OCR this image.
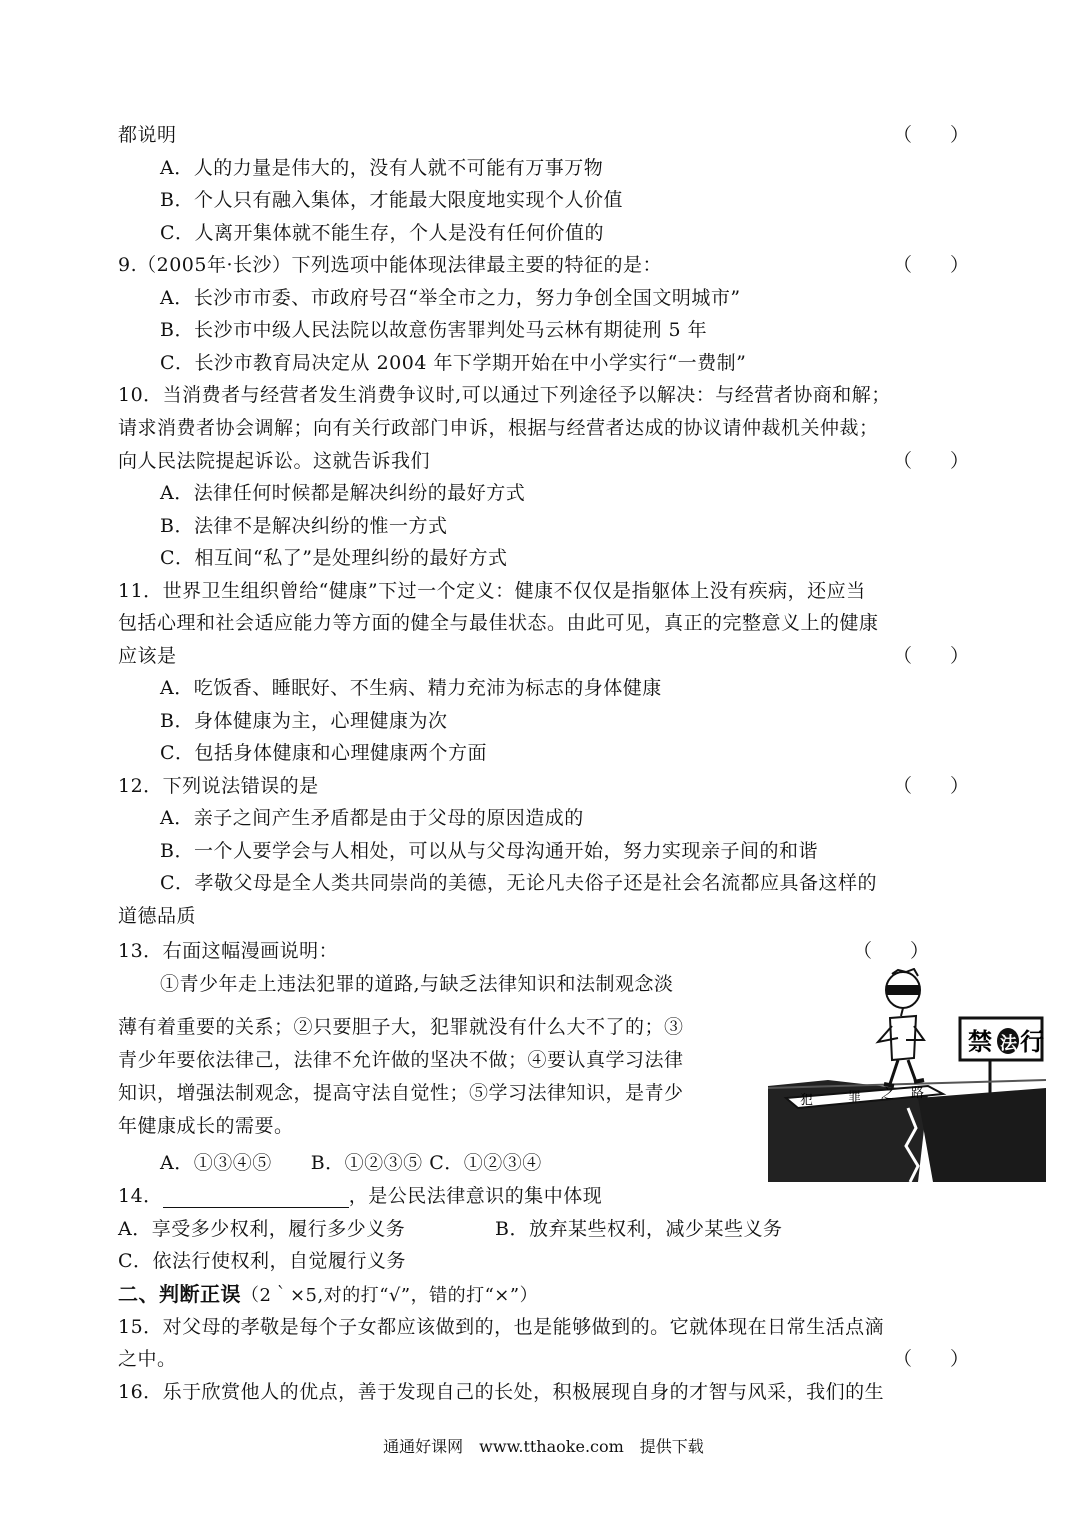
都说明	（　　）
A．人的力量是伟大的，没有人就不可能有万事万物
B．个人只有融入集体，才能最大限度地实现个人价值
C．人离开集体就不能生存，个人是没有任何价值的
9.（2005年·长沙）下列选项中能体现法律最主要的特征的是：	（　　）
A．长沙市市委、市政府号召“举全市之力，努力争创全国文明城市”
B．长沙市中级人民法院以故意伤害罪判处马云林有期徒刑 5 年
C．长沙市教育局决定从 2004 年下学期开始在中小学实行“一费制”
10．当消费者与经营者发生消费争议时,可以通过下列途径予以解决：与经营者协商和解；
请求消费者协会调解；向有关行政部门申诉，根据与经营者达成的协议请仲裁机关仲裁；
向人民法院提起诉讼。这就告诉我们	（　　）
A．法律任何时候都是解决纠纷的最好方式
B．法律不是解决纠纷的惟一方式
C．相互间“私了”是处理纠纷的最好方式
11．世界卫生组织曾给“健康”下过一个定义：健康不仅仅是指躯体上没有疾病，还应当
包括心理和社会适应能力等方面的健全与最佳状态。由此可见，真正的完整意义上的健康
应该是	（　　）
A．吃饭香、睡眠好、不生病、精力充沛为标志的身体健康
B．身体健康为主，心理健康为次
C．包括身体健康和心理健康两个方面
12．下列说法错误的是	（　　）
A．亲子之间产生矛盾都是由于父母的原因造成的
B．一个人要学会与人相处，可以从与父母沟通开始，努力实现亲子间的和谐
C．孝敬父母是全人类共同崇尚的美德，无论凡夫俗子还是社会名流都应具备这样的
道德品质
13．右面这幅漫画说明：	（　　）
①青少年走上违法犯罪的道路,与缺乏法律知识和法制观念淡
薄有着重要的关系；②只要胆子大，犯罪就没有什么大不了的；③
青少年要依法律己，法律不允许做的坚决不做；④要认真学习法律
知识，增强法制观念，提高守法自觉性；⑤学习法律知识，是青少
年健康成长的需要。
A．①③④⑤　　B．①②③⑤ C．①②③④
禁 法 行
犯	罪 之 路
14．	，是公民法律意识的集中体现
A．享受多少权利，履行多少义务	B．放弃某些权利，减少某些义务
C．依法行使权利，自觉履行义务
二、判断正误（2｀×5,对的打“√”，错的打“×”）
15．对父母的孝敬是每个子女都应该做到的，也是能够做到的。它就体现在日常生活点滴
之中。	（　　）
16．乐于欣赏他人的优点，善于发现自己的长处，积极展现自身的才智与风采，我们的生
通通好课网　www.tthaoke.com　提供下载
